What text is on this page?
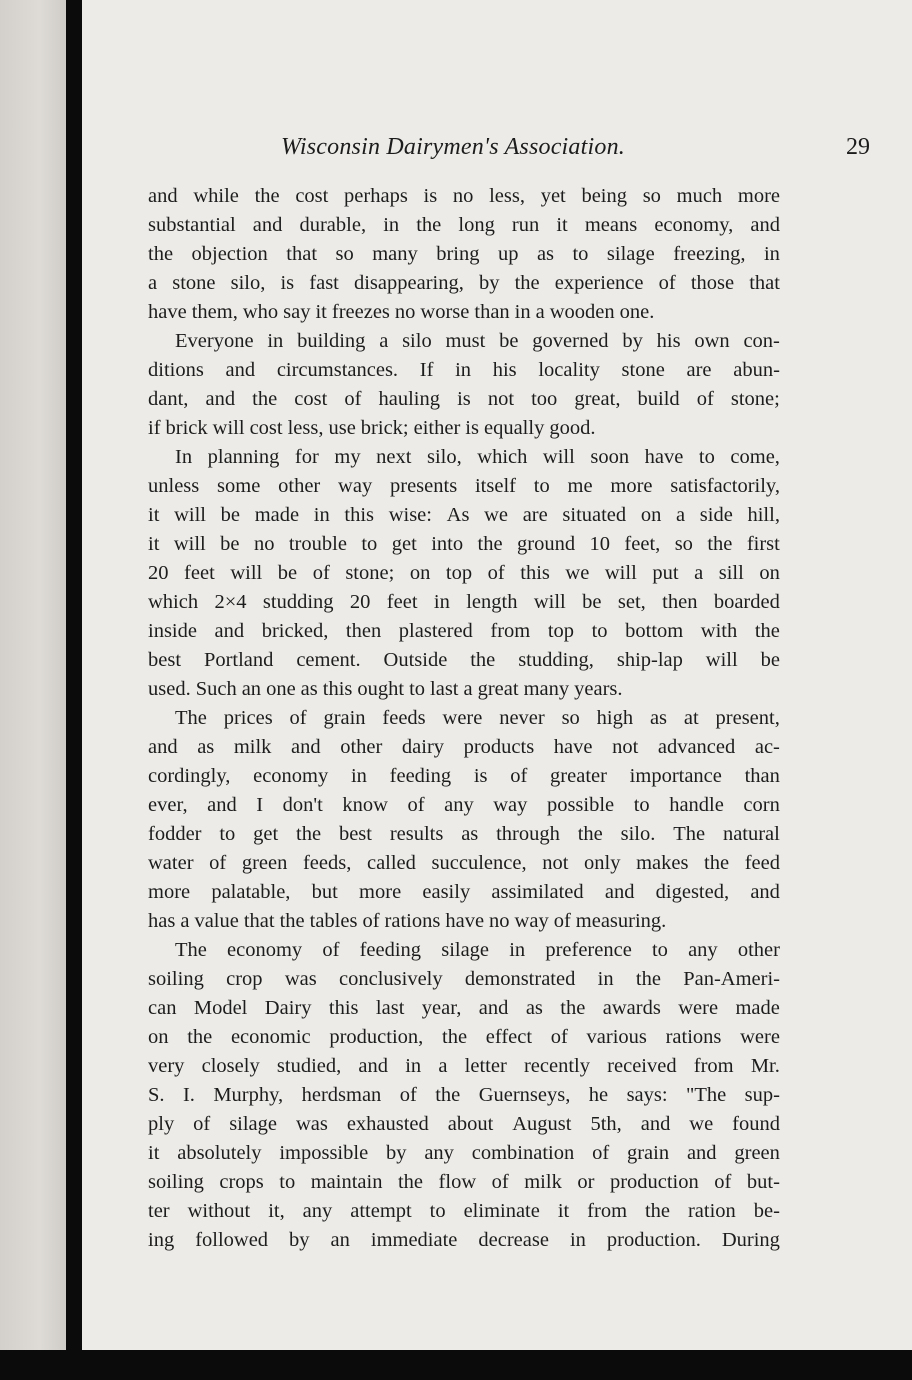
Wisconsin Dairymen's Association.	29
and while the cost perhaps is no less, yet being so much more
substantial and durable, in the long run it means economy, and
the objection that so many bring up as to silage freezing, in
a stone silo, is fast disappearing, by the experience of those that
have them, who say it freezes no worse than in a wooden one.
Everyone in building a silo must be governed by his own con-
ditions and circumstances. If in his locality stone are abun-
dant, and the cost of hauling is not too great, build of stone;
if brick will cost less, use brick; either is equally good.
In planning for my next silo, which will soon have to come,
unless some other way presents itself to me more satisfactorily,
it will be made in this wise: As we are situated on a side hill,
it will be no trouble to get into the ground 10 feet, so the first
20 feet will be of stone; on top of this we will put a sill on
which 2×4 studding 20 feet in length will be set, then boarded
inside and bricked, then plastered from top to bottom with the
best Portland cement. Outside the studding, ship-lap will be
used. Such an one as this ought to last a great many years.
The prices of grain feeds were never so high as at present,
and as milk and other dairy products have not advanced ac-
cordingly, economy in feeding is of greater importance than
ever, and I don't know of any way possible to handle corn
fodder to get the best results as through the silo. The natural
water of green feeds, called succulence, not only makes the feed
more palatable, but more easily assimilated and digested, and
has a value that the tables of rations have no way of measuring.
The economy of feeding silage in preference to any other
soiling crop was conclusively demonstrated in the Pan-Ameri-
can Model Dairy this last year, and as the awards were made
on the economic production, the effect of various rations were
very closely studied, and in a letter recently received from Mr.
S. I. Murphy, herdsman of the Guernseys, he says: "The sup-
ply of silage was exhausted about August 5th, and we found
it absolutely impossible by any combination of grain and green
soiling crops to maintain the flow of milk or production of but-
ter without it, any attempt to eliminate it from the ration be-
ing followed by an immediate decrease in production. During
